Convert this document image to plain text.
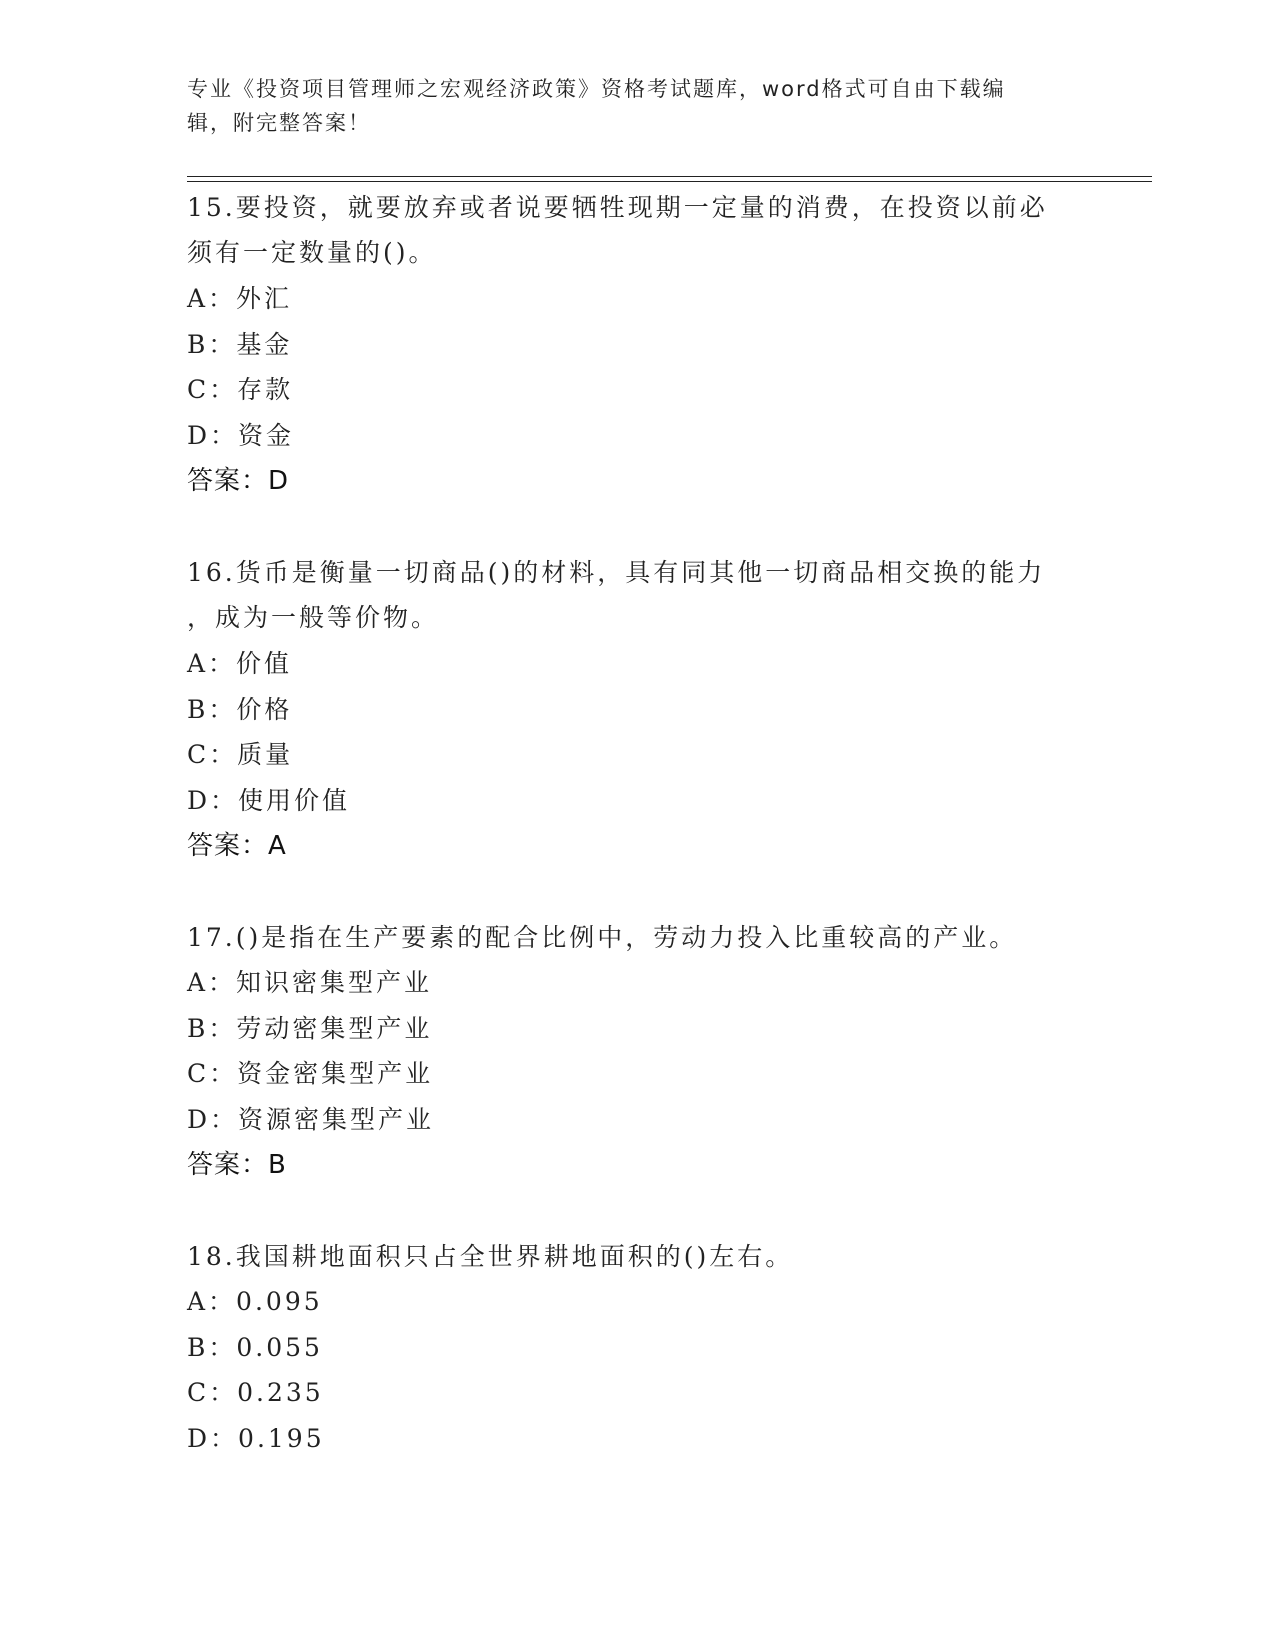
专业《投资项目管理师之宏观经济政策》资格考试题库，word格式可自由下载编
辑，附完整答案！
15.要投资，就要放弃或者说要牺牲现期一定量的消费，在投资以前必
须有一定数量的()。
A：外汇
B：基金
C：存款
D：资金
答案：D
16.货币是衡量一切商品()的材料，具有同其他一切商品相交换的能力
，成为一般等价物。
A：价值
B：价格
C：质量
D：使用价值
答案：A
17.()是指在生产要素的配合比例中，劳动力投入比重较高的产业。
A：知识密集型产业
B：劳动密集型产业
C：资金密集型产业
D：资源密集型产业
答案：B
18.我国耕地面积只占全世界耕地面积的()左右。
A：0.095
B：0.055
C：0.235
D：0.195
